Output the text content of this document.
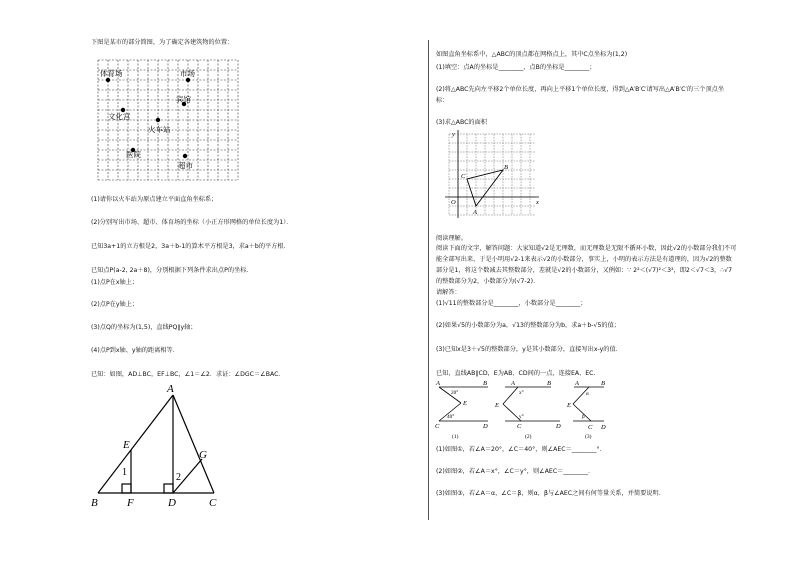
下图是某市的部分简图，为了确定各建筑物的位置：
体育场	市场
文化宫
宾馆
火车站
医院
超市
(1)请你以火车站为原点建立平面直角坐标系；
(2)分别写出市场、超市、体育场的坐标（小正方形网格的单位长度为1）．
已知3a+1的立方根是2，3a＋b-1的算术平方根是3，求a＋b的平方根．
已知点P(a-2, 2a＋8)，分别根据下列条件求出点P的坐标．
(1)点P在x轴上；
(2)点P在y轴上；
(3)点Q的坐标为(1,5)，直线PQ∥y轴；
(4)点P到x轴、y轴的距离相等．
已知：如图，AD⊥BC，EF⊥BC，∠1＝∠2．求证：∠DGC＝∠BAC．
A
B	C
D
E
F
G
1	2
如图直角坐标系中，△ABC的顶点都在网格点上，其中C点坐标为(1,2)
(1)填空：点A的坐标是________，点B的坐标是________；
(2)将△ABC先向左平移2个单位长度，再向上平移1个单位长度，得到△A′B′C′请写出△A′B′C′的三个顶点坐
标：
(3)求△ABC的面积
A
B
C
O	x
y
阅读理解。
阅读下面的文字，解答问题：大家知道√2是无理数，而无理数是无限不循环小数，因此√2的小数部分我们不可
能全部写出来，于是小明用√2-1来表示√2的小数部分，事实上，小明的表示方法是有道理的，因为√2的整数
部分是1，将这个数减去其整数部分，差就是√2的小数部分，又例如：∵ 2²＜(√7)²＜3²，即2＜√7＜3，∴√7
的整数部分为2，小数部分为(√7-2)．
请解答：
(1)√11的整数部分是________，小数部分是________；
(2)如果√5的小数部分为a，√13的整数部分为b，求a＋b-√5的值；
(3)已知x是3＋√5的整数部分，y是其小数部分，直接写出x-y的值．
已知，直线AB∥CD，E为AB、CD间的一点，连接EA、EC．
A	B
E
C	D
A	B
E
C	D
A	B
E
C D
20°
40°
x°
y°
α
β
(1)	(2)	(3)
(1)如图①，若∠A＝20°，∠C＝40°，则∠AEC＝________°．
(2)如图②，若∠A＝x°，∠C＝y°，则∠AEC＝________．
(3)如图③，若∠A＝α，∠C＝β，则α，β与∠AEC之间有何等量关系，并简要说明．
